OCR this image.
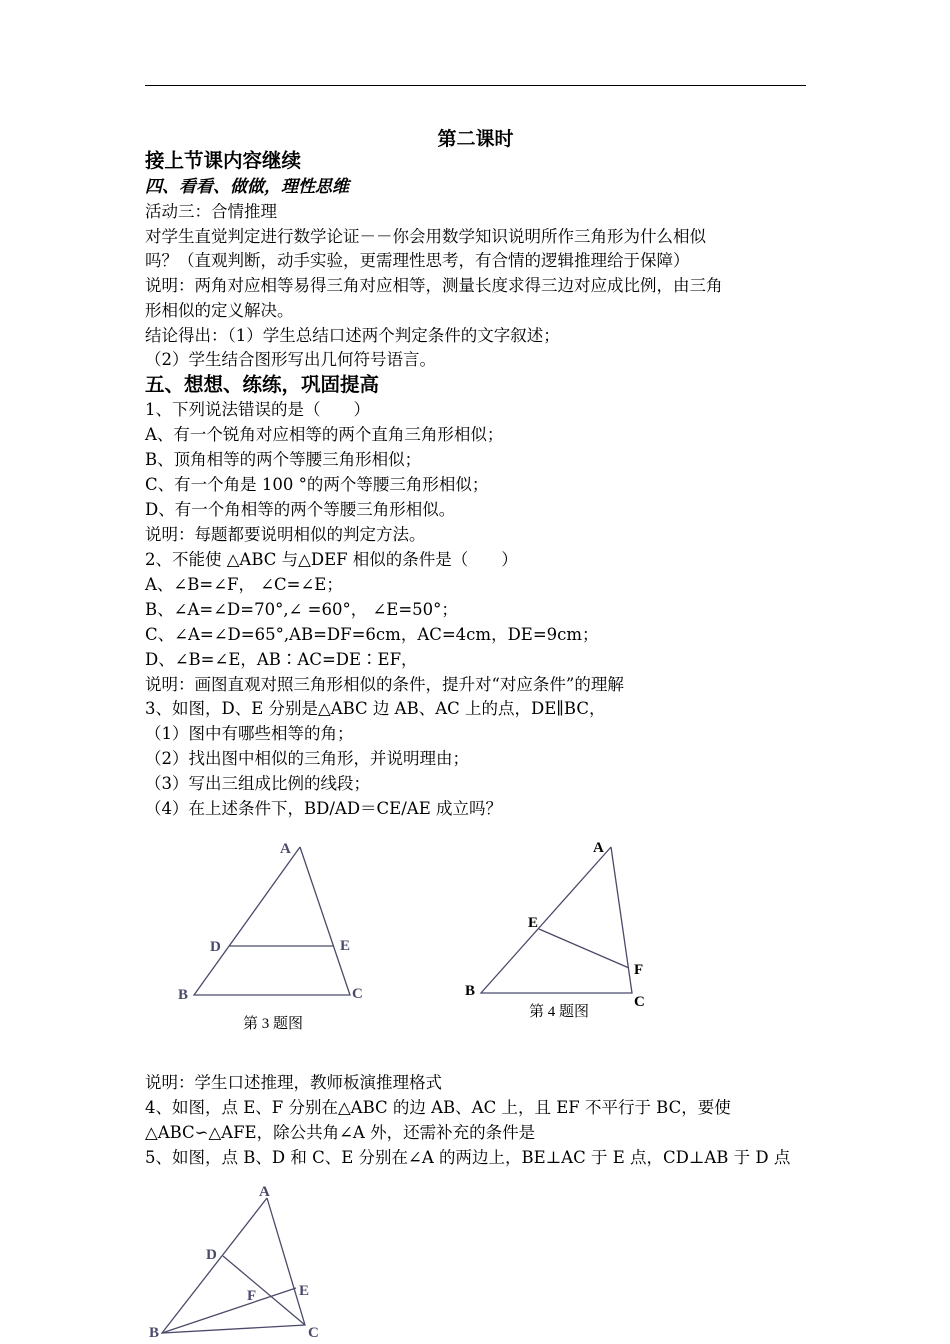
第二课时
接上节课内容继续
四、看看、做做，理性思维
活动三：合情推理
对学生直觉判定进行数学论证－－你会用数学知识说明所作三角形为什么相似
吗？（直观判断，动手实验，更需理性思考，有合情的逻辑推理给于保障）
说明：两角对应相等易得三角对应相等，测量长度求得三边对应成比例，由三角
形相似的定义解决。
结论得出：（1）学生总结口述两个判定条件的文字叙述；
（2）学生结合图形写出几何符号语言。
五、想想、练练，巩固提高
1、下列说法错误的是（　　）
A、有一个锐角对应相等的两个直角三角形相似；
B、顶角相等的两个等腰三角形相似；
C、有一个角是 100 °的两个等腰三角形相似；
D、有一个角相等的两个等腰三角形相似。
说明：每题都要说明相似的判定方法。
2、不能使 △ABC 与△DEF 相似的条件是（　　）
A、∠B=∠F， ∠C=∠E；
B、∠A=∠D=70°,∠ =60°， ∠E=50°；
C、∠A=∠D=65°,AB=DF=6cm，AC=4cm，DE=9cm；
D、∠B=∠E，AB∶AC=DE∶EF，
说明：画图直观对照三角形相似的条件，提升对“对应条件”的理解
3、如图，D、E 分别是△ABC 边 AB、AC 上的点，DE∥BC，
（1）图中有哪些相等的角；
（2）找出图中相似的三角形，并说明理由；
（3）写出三组成比例的线段；
（4）在上述条件下，BD/AD＝CE/AE 成立吗？
A
D	E
B	C
第 3 题图
A
E
F
B
C
第 4 题图
说明：学生口述推理，教师板演推理格式
4、如图，点 E、F 分别在△ABC 的边 AB、AC 上，且 EF 不平行于 BC，要使
△ABC∽△AFE，除公共角∠A 外，还需补充的条件是
5、如图，点 B、D 和 C、E 分别在∠A 的两边上，BE⊥AC 于 E 点，CD⊥AB 于 D 点
A
D
E
F
B	C
